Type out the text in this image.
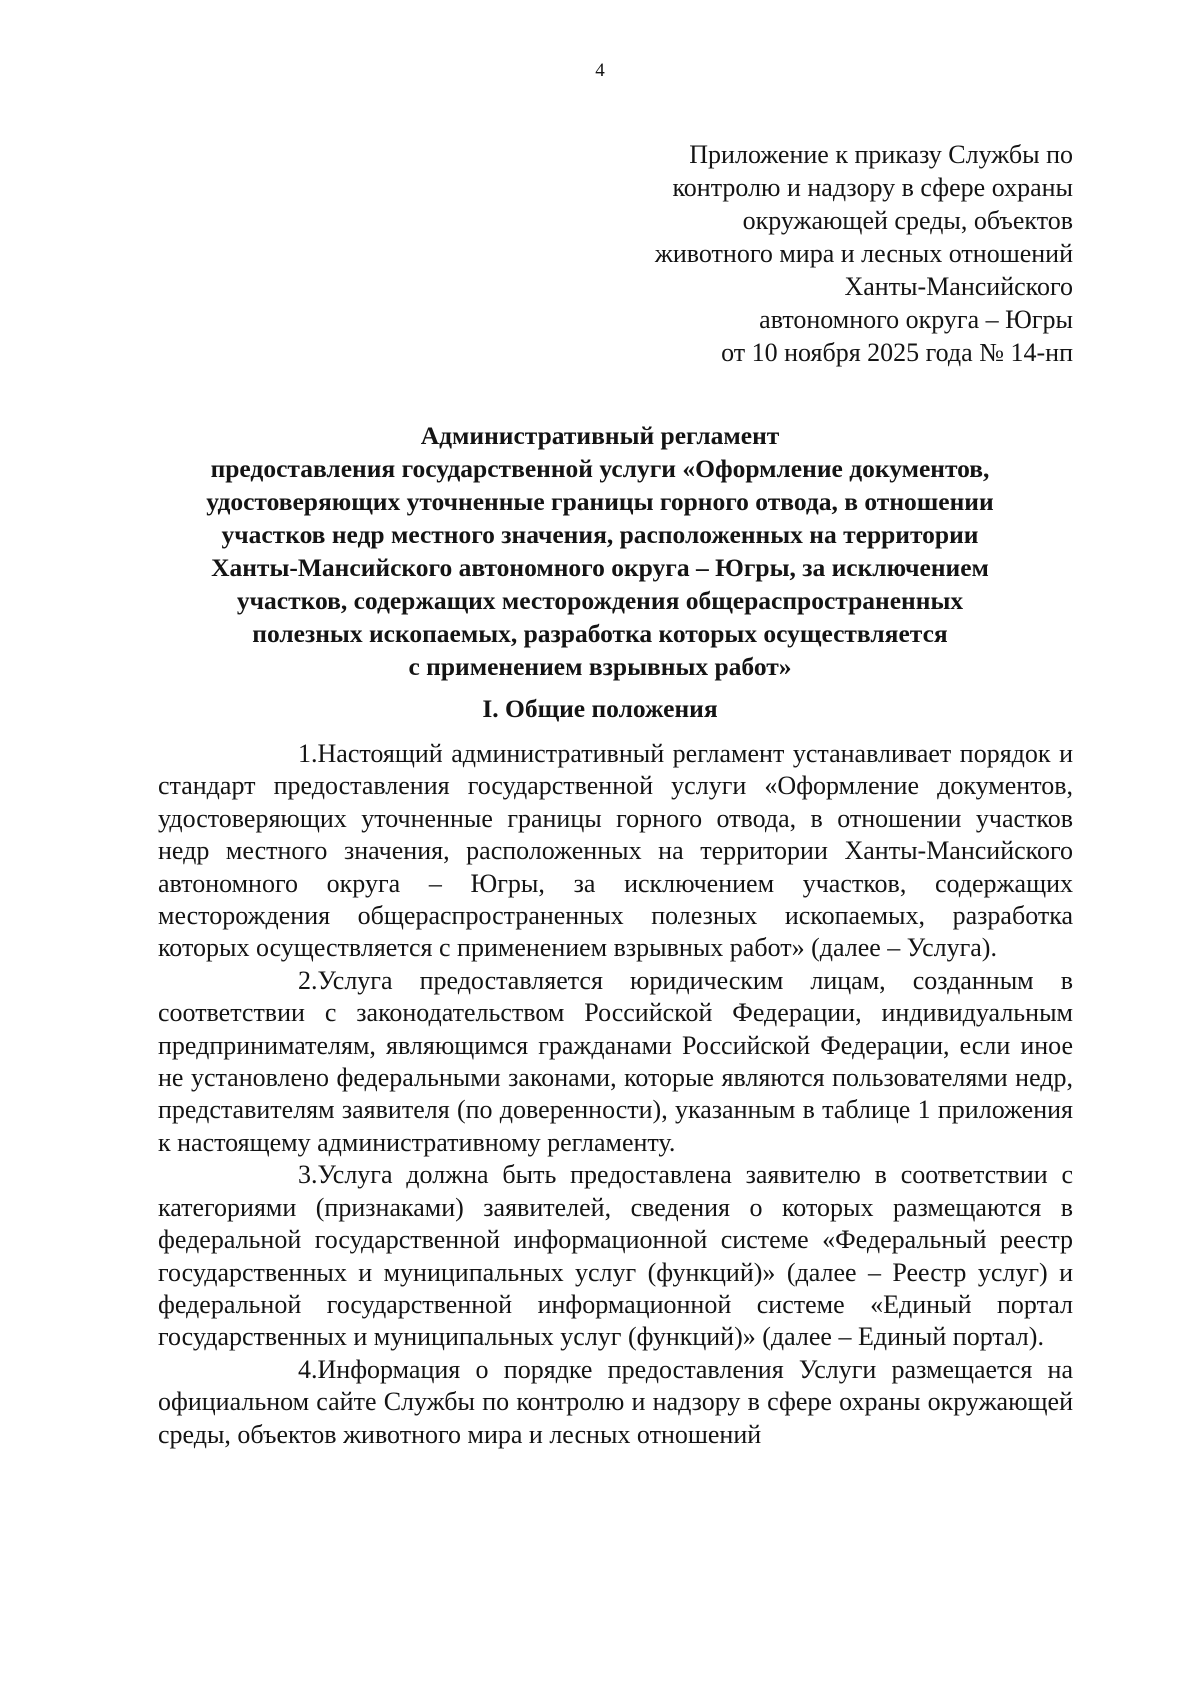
4
Приложение к приказу Службы по
контролю и надзору в сфере охраны
окружающей среды, объектов
животного мира и лесных отношений
Ханты-Мансийского
автономного округа – Югры
от 10 ноября 2025 года № 14-нп
Административный регламент
предоставления государственной услуги «Оформление документов,
удостоверяющих уточненные границы горного отвода, в отношении
участков недр местного значения, расположенных на территории
Ханты-Мансийского автономного округа – Югры, за исключением
участков, содержащих месторождения общераспространенных
полезных ископаемых, разработка которых осуществляется
с применением взрывных работ»
I. Общие положения

1.Настоящий административный регламент устанавливает порядок и стандарт предоставления государственной услуги «Оформление документов, удостоверяющих уточненные границы горного отвода, в отношении участков недр местного значения, расположенных на территории Ханты-Мансийского автономного округа – Югры, за исключением участков, содержащих месторождения общераспространенных полезных ископаемых, разработка которых осуществляется с применением взрывных работ» (далее – Услуга).

2.Услуга предоставляется юридическим лицам, созданным в соответствии с законодательством Российской Федерации, индивидуальным предпринимателям, являющимся гражданами Российской Федерации, если иное не установлено федеральными законами, которые являются пользователями недр, представителям заявителя (по доверенности), указанным в таблице 1 приложения к настоящему административному регламенту.

3.Услуга должна быть предоставлена заявителю в соответствии с категориями (признаками) заявителей, сведения о которых размещаются в федеральной государственной информационной системе «Федеральный реестр государственных и муниципальных услуг (функций)» (далее – Реестр услуг) и федеральной государственной информационной системе «Единый портал государственных и муниципальных услуг (функций)» (далее – Единый портал).

4.Информация о порядке предоставления Услуги размещается на официальном сайте Службы по контролю и надзору в сфере охраны окружающей среды, объектов животного мира и лесных отношений
